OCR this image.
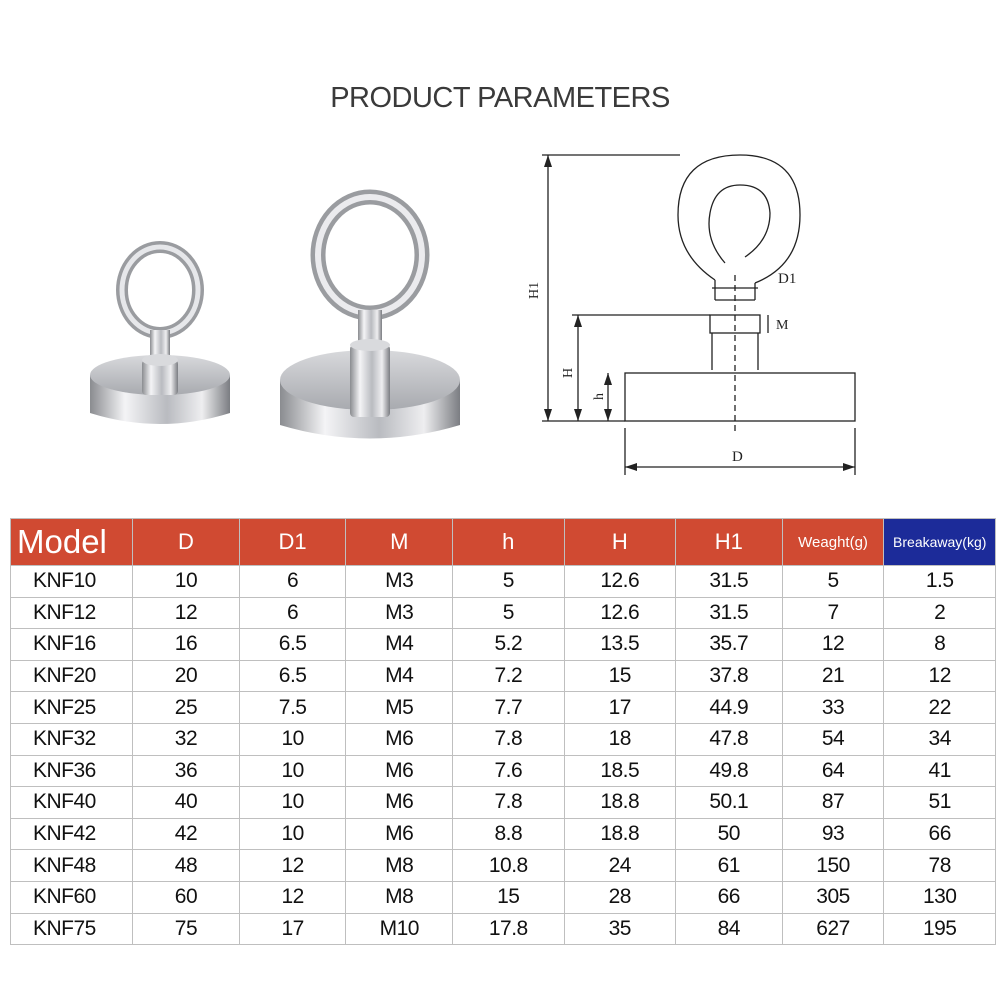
PRODUCT PARAMETERS
H1
H
h
D1
M
D
Model	D	D1	M	h	H	H1	Weaght(g)	Breakaway(kg)
KNF10	10	6	M3	5	12.6	31.5	5	1.5
KNF12	12	6	M3	5	12.6	31.5	7	2
KNF16	16	6.5	M4	5.2	13.5	35.7	12	8
KNF20	20	6.5	M4	7.2	15	37.8	21	12
KNF25	25	7.5	M5	7.7	17	44.9	33	22
KNF32	32	10	M6	7.8	18	47.8	54	34
KNF36	36	10	M6	7.6	18.5	49.8	64	41
KNF40	40	10	M6	7.8	18.8	50.1	87	51
KNF42	42	10	M6	8.8	18.8	50	93	66
KNF48	48	12	M8	10.8	24	61	150	78
KNF60	60	12	M8	15	28	66	305	130
KNF75	75	17	M10	17.8	35	84	627	195
